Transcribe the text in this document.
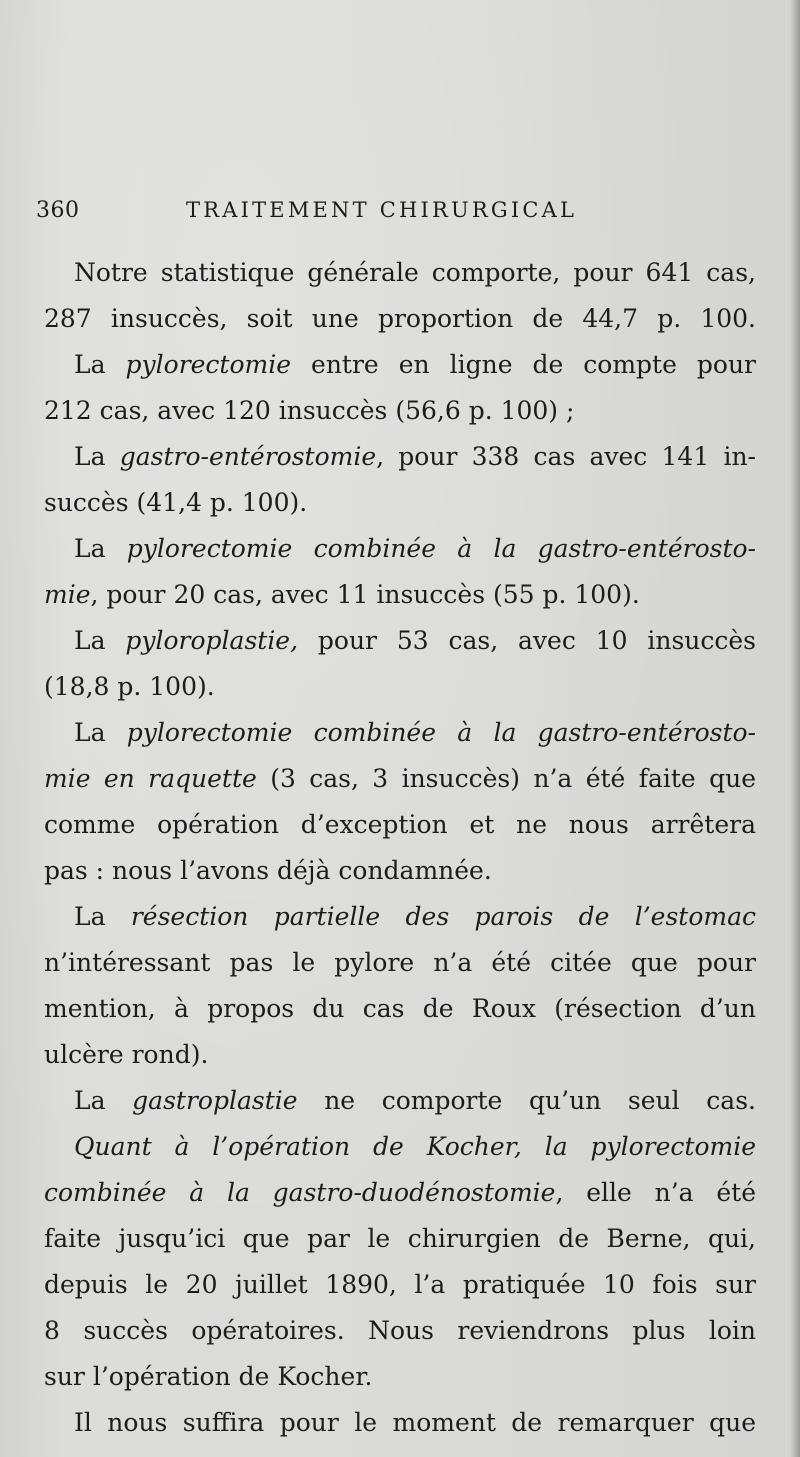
360	TRAITEMENT CHIRURGICAL
Notre statistique générale comporte, pour 641 cas,
287 insuccès, soit une proportion de 44,7 p. 100.
La pylorectomie entre en ligne de compte pour
212 cas, avec 120 insuccès (56,6 p. 100) ;
La gastro-entérostomie, pour 338 cas avec 141 in-
succès (41,4 p. 100).
La pylorectomie combinée à la gastro-entérosto-
mie, pour 20 cas, avec 11 insuccès (55 p. 100).
La pyloroplastie, pour 53 cas, avec 10 insuccès
(18,8 p. 100).
La pylorectomie combinée à la gastro-entérosto-
mie en raquette (3 cas, 3 insuccès) n’a été faite que
comme opération d’exception et ne nous arrêtera
pas : nous l’avons déjà condamnée.
La résection partielle des parois de l’estomac
n’intéressant pas le pylore n’a été citée que pour
mention, à propos du cas de Roux (résection d’un
ulcère rond).
La gastroplastie ne comporte qu’un seul cas.
Quant à l’opération de Kocher, la pylorectomie
combinée à la gastro-duodénostomie, elle n’a été
faite jusqu’ici que par le chirurgien de Berne, qui,
depuis le 20 juillet 1890, l’a pratiquée 10 fois sur
8 succès opératoires. Nous reviendrons plus loin
sur l’opération de Kocher.
Il nous suffira pour le moment de remarquer que
